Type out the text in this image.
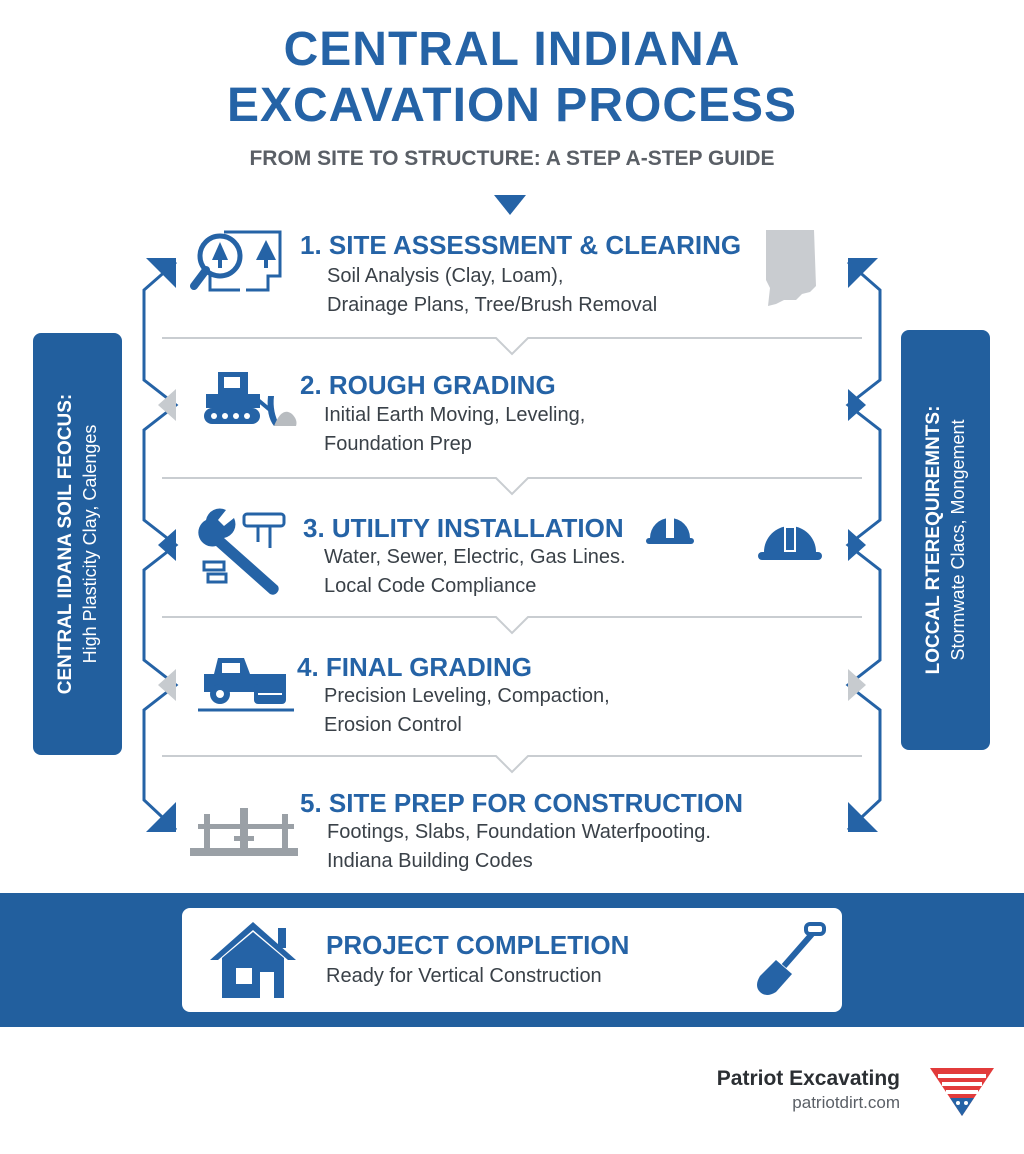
CENTRAL INDIANA
EXCAVATION PROCESS
FROM SITE TO STRUCTURE: A STEP A-STEP GUIDE
CENTRAL IIDANA SOIL FEOCUS: High Plasticity Clay, Calenges	LOCCAL RTEREQUIREMNTS: Stormwate Clacs, Mongement
1. SITE ASSESSMENT & CLEARING
Soil Analysis (Clay, Loam),
Drainage Plans, Tree/Brush Removal
2. ROUGH GRADING
Initial Earth Moving, Leveling,
Foundation Prep
3. UTILITY INSTALLATION
Water, Sewer, Electric, Gas Lines.
Local Code Compliance
4. FINAL GRADING
Precision Leveling, Compaction,
Erosion Control
5. SITE PREP FOR CONSTRUCTION
Footings, Slabs, Foundation Waterfpooting.
Indiana Building Codes
PROJECT COMPLETION
Ready for Vertical Construction
Patriot Excavating
patriotdirt.com
